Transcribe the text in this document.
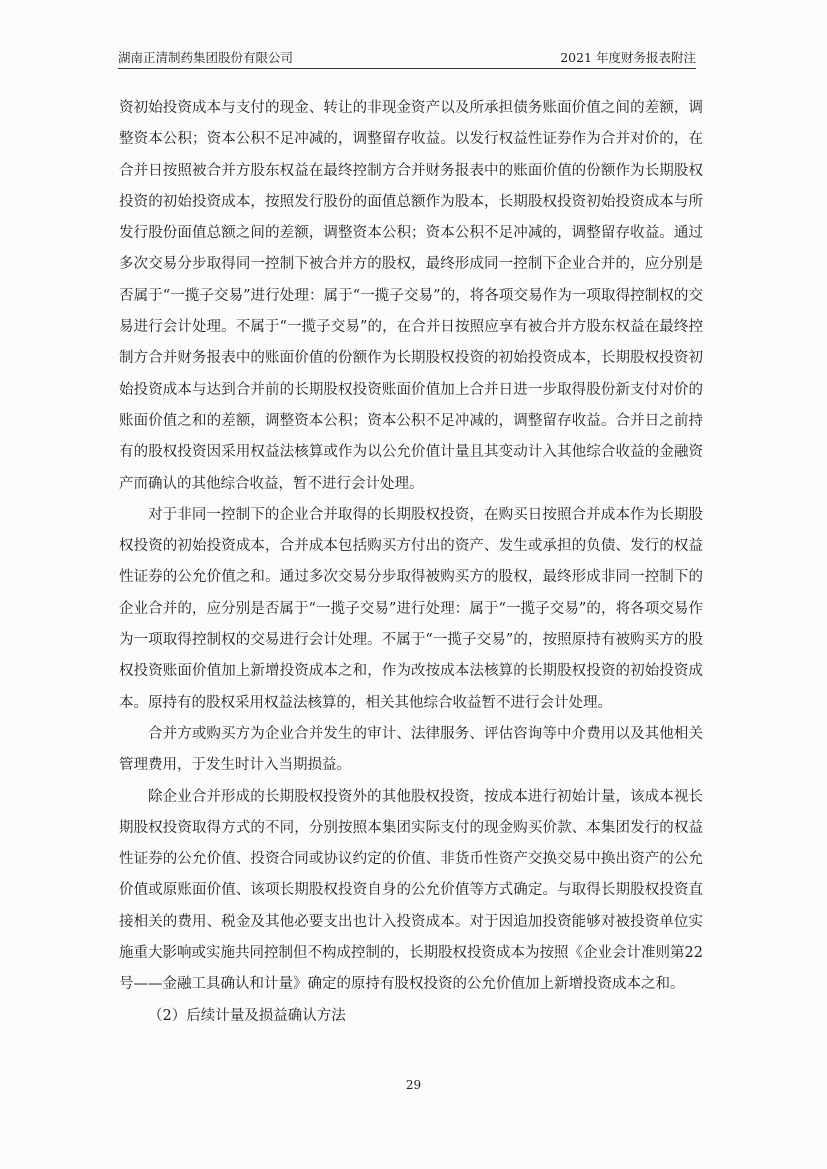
湖南正清制药集团股份有限公司	2021 年度财务报表附注

资初始投资成本与支付的现金、转让的非现金资产以及所承担债务账面价值之间的差额，调整资本公积；资本公积不足冲减的，调整留存收益。以发行权益性证券作为合并对价的，在合并日按照被合并方股东权益在最终控制方合并财务报表中的账面价值的份额作为长期股权投资的初始投资成本，按照发行股份的面值总额作为股本，长期股权投资初始投资成本与所发行股份面值总额之间的差额，调整资本公积；资本公积不足冲减的，调整留存收益。通过多次交易分步取得同一控制下被合并方的股权，最终形成同一控制下企业合并的，应分别是否属于“一揽子交易”进行处理：属于“一揽子交易”的，将各项交易作为一项取得控制权的交易进行会计处理。不属于“一揽子交易”的，在合并日按照应享有被合并方股东权益在最终控制方合并财务报表中的账面价值的份额作为长期股权投资的初始投资成本，长期股权投资初始投资成本与达到合并前的长期股权投资账面价值加上合并日进一步取得股份新支付对价的账面价值之和的差额，调整资本公积；资本公积不足冲减的，调整留存收益。合并日之前持有的股权投资因采用权益法核算或作为以公允价值计量且其变动计入其他综合收益的金融资产而确认的其他综合收益，暂不进行会计处理。

对于非同一控制下的企业合并取得的长期股权投资，在购买日按照合并成本作为长期股权投资的初始投资成本，合并成本包括购买方付出的资产、发生或承担的负债、发行的权益性证券的公允价值之和。通过多次交易分步取得被购买方的股权，最终形成非同一控制下的企业合并的，应分别是否属于“一揽子交易”进行处理：属于“一揽子交易”的，将各项交易作为一项取得控制权的交易进行会计处理。不属于“一揽子交易”的，按照原持有被购买方的股权投资账面价值加上新增投资成本之和，作为改按成本法核算的长期股权投资的初始投资成本。原持有的股权采用权益法核算的，相关其他综合收益暂不进行会计处理。

合并方或购买方为企业合并发生的审计、法律服务、评估咨询等中介费用以及其他相关管理费用，于发生时计入当期损益。

除企业合并形成的长期股权投资外的其他股权投资，按成本进行初始计量，该成本视长期股权投资取得方式的不同，分别按照本集团实际支付的现金购买价款、本集团发行的权益性证券的公允价值、投资合同或协议约定的价值、非货币性资产交换交易中换出资产的公允价值或原账面价值、该项长期股权投资自身的公允价值等方式确定。与取得长期股权投资直接相关的费用、税金及其他必要支出也计入投资成本。对于因追加投资能够对被投资单位实施重大影响或实施共同控制但不构成控制的，长期股权投资成本为按照《企业会计准则第22号——金融工具确认和计量》确定的原持有股权投资的公允价值加上新增投资成本之和。

（2）后续计量及损益确认方法

29
